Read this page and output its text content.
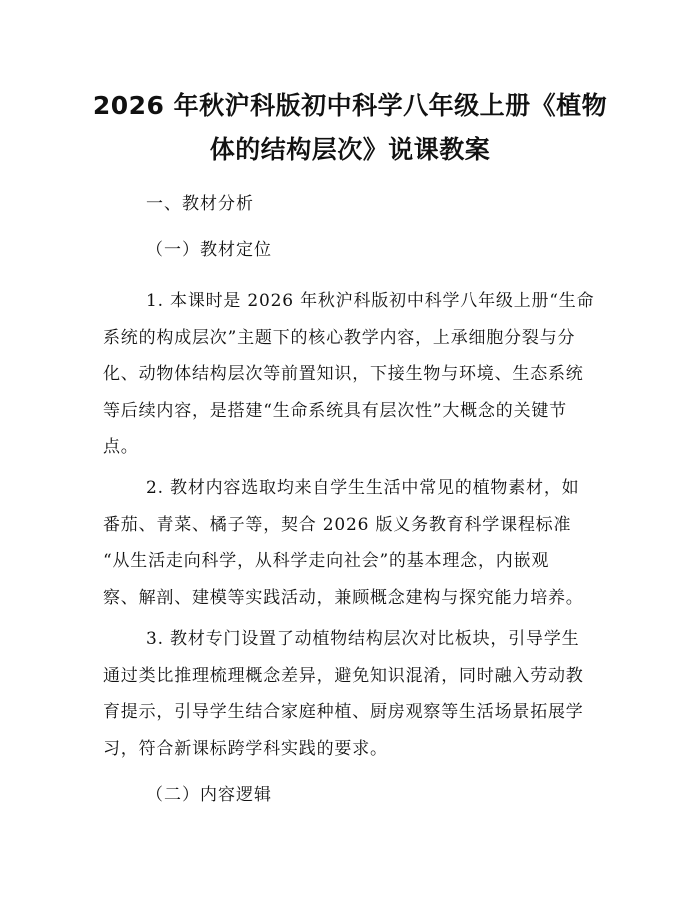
2026 年秋沪科版初中科学八年级上册《植物
体的结构层次》说课教案

一、教材分析

（一）教材定位

1. 本课时是 2026 年秋沪科版初中科学八年级上册“生命
系统的构成层次”主题下的核心教学内容，上承细胞分裂与分
化、动物体结构层次等前置知识，下接生物与环境、生态系统
等后续内容，是搭建“生命系统具有层次性”大概念的关键节
点。
2. 教材内容选取均来自学生生活中常见的植物素材，如
番茄、青菜、橘子等，契合 2026 版义务教育科学课程标准
“从生活走向科学，从科学走向社会”的基本理念，内嵌观
察、解剖、建模等实践活动，兼顾概念建构与探究能力培养。
3. 教材专门设置了动植物结构层次对比板块，引导学生
通过类比推理梳理概念差异，避免知识混淆，同时融入劳动教
育提示，引导学生结合家庭种植、厨房观察等生活场景拓展学
习，符合新课标跨学科实践的要求。

（二）内容逻辑
